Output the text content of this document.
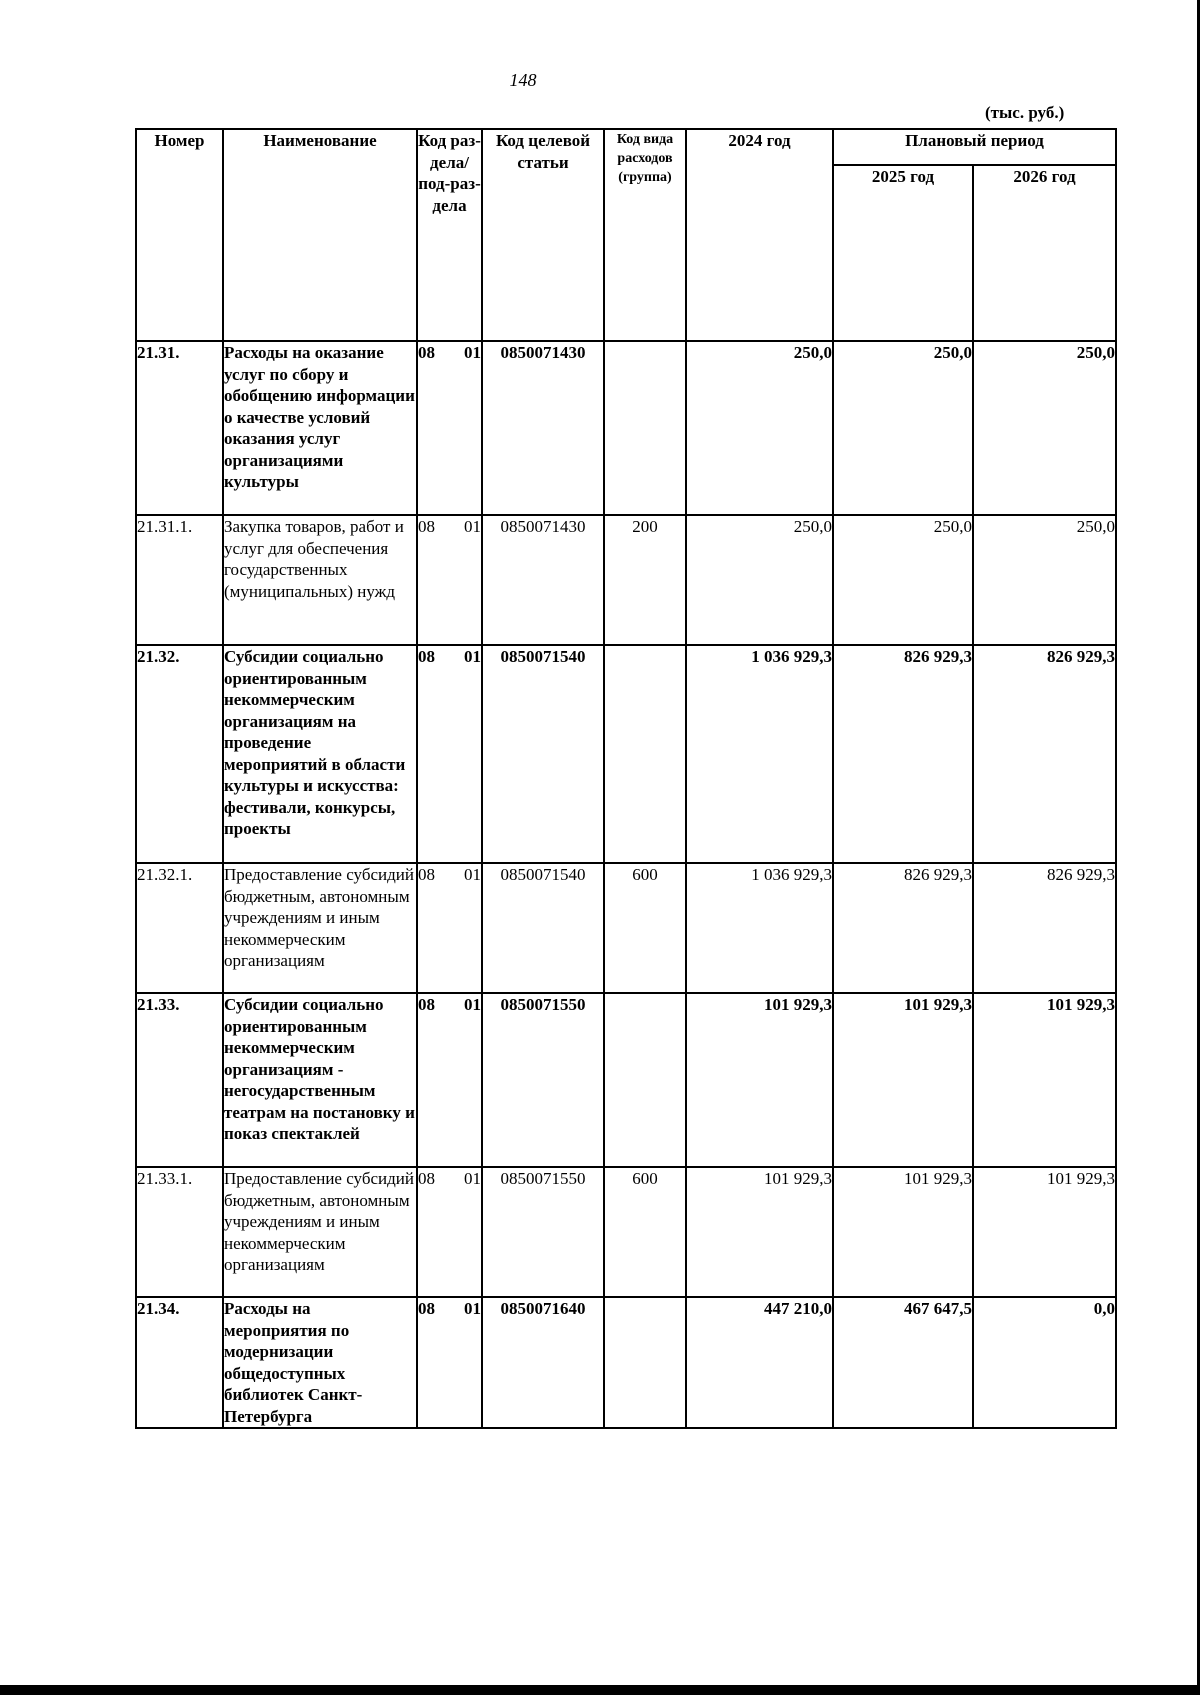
148
(тыс. руб.)
Номер	Наименование	Код раз-дела/ под-раз-дела	Код целевой статьи	Код вида расходов (группа)	2024 год	Плановый период	
						2025 год	2026 год
21.31.	Расходы на оказание услуг по сбору и обобщению информации о качестве условий оказания услуг организациями культуры	08 01	0850071430		250,0	250,0	250,0
21.31.1.	Закупка товаров, работ и услуг для обеспечения государственных (муниципальных) нужд	08 01	0850071430	200	250,0	250,0	250,0
21.32.	Субсидии социально ориентированным некоммерческим организациям на проведение мероприятий в области культуры и искусства: фестивали, конкурсы, проекты	08 01	0850071540		1 036 929,3	826 929,3	826 929,3
21.32.1.	Предоставление субсидий бюджетным, автономным учреждениям и иным некоммерческим организациям	08 01	0850071540	600	1 036 929,3	826 929,3	826 929,3
21.33.	Субсидии социально ориентированным некоммерческим организациям - негосударственным театрам на постановку и показ спектаклей	08 01	0850071550		101 929,3	101 929,3	101 929,3
21.33.1.	Предоставление субсидий бюджетным, автономным учреждениям и иным некоммерческим организациям	08 01	0850071550	600	101 929,3	101 929,3	101 929,3
21.34.	Расходы на мероприятия по модернизации общедоступных библиотек Санкт-Петербурга	08 01	0850071640		447 210,0	467 647,5	0,0
